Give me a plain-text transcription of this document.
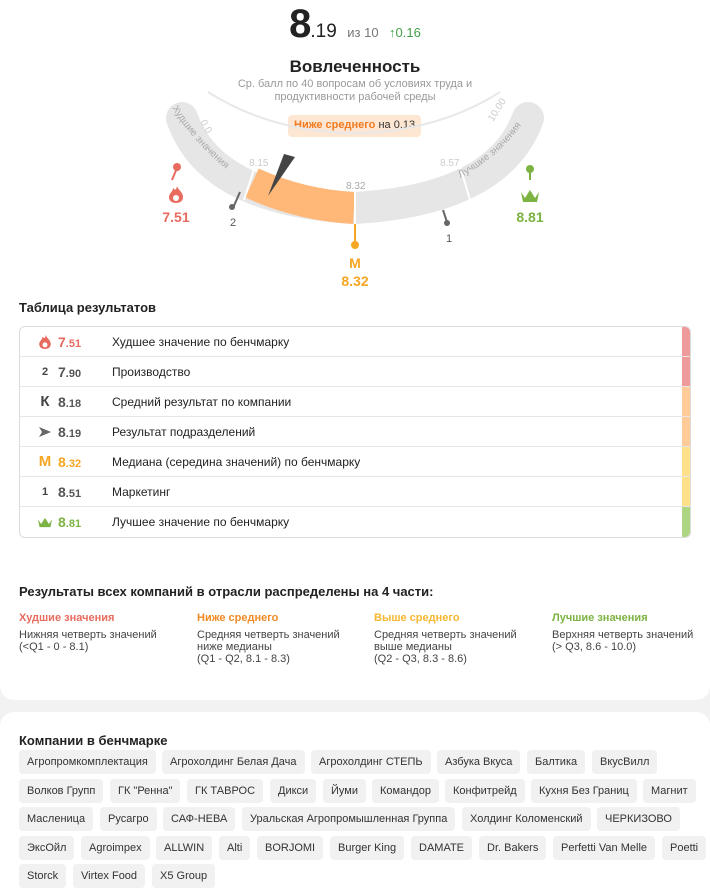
8.19 из 10 ↑0.16
Вовлеченность
Ср. балл по 40 вопросам об условиях труда и продуктивности рабочей среды
Ниже среднего на 0.13
Худшие значения
Лучшие значения
0.0
10.00
8.15
8.32
8.57
7.51	2
М
8.32
1
8.81
Таблица результатов
7.51	Худшее значение по бенчмарку
2 7.90	Производство
К 8.18	Средний результат по компании
8.19	Результат подразделений
М 8.32	Медиана (середина значений) по бенчмарку
1 8.51	Маркетинг
8.81	Лучшее значение по бенчмарку
Результаты всех компаний в отрасли распределены на 4 части:
Худшие значения
Нижняя четверть значений
(<Q1 - 0 - 8.1)
Ниже среднего
Средняя четверть значений
ниже медианы
(Q1 - Q2, 8.1 - 8.3)
Выше среднего
Средняя четверть значений
выше медианы
(Q2 - Q3, 8.3 - 8.6)
Лучшие значения
Верхняя четверть значений
(> Q3, 8.6 - 10.0)
Компании в бенчмарке
Агропромкомплектация	Агрохолдинг Белая Дача	Агрохолдинг СТЕПЬ	Азбука Вкуса	Балтика	ВкусВилл
Волков Групп	ГК "Ренна"	ГК ТАВРОС	Дикси	Йуми	Командор	Конфитрейд	Кухня Без Границ	Магнит
Масленица	Русагро	САФ-НЕВА	Уральская Агропромышленная Группа	Холдинг Коломенский	ЧЕРКИЗОВО
ЭксОйл	Agroimpex	ALLWIN	Alti	BORJOMI	Burger King	DAMATE	Dr. Bakers	Perfetti Van Melle	Poetti
Storck	Virtex Food	X5 Group
